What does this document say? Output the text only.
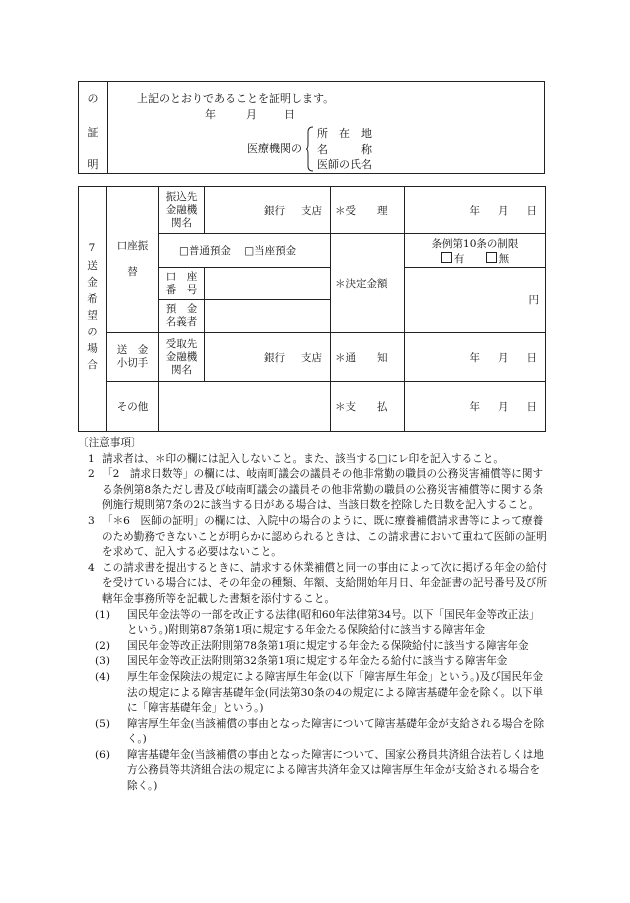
の
証
明
上記のとおりであることを証明します。
年	月 日
医療機関の
所　在　地
名　　　称
医師の氏名
7送金希望の場合	口座振替	振込先金融機関名	銀行 支店	＊受　　理	年 月 日

		□普通預金 □当座預金		＊決定金額	条例第10条の制限
有 無

		口　座番　号			円
		預　金名義者			
	送　金小切手	受取先金融機関名	銀行 支店	＊通　　知	年 月 日

	その他			＊支　　払	年 月 日
〔注意事項〕
1 請求者は、＊印の欄には記入しないこと。また、該当する□にレ印を記入すること。
2 「2　請求日数等」の欄には、岐南町議会の議員その他非常勤の職員の公務災害補償等に関する条例第8条ただし書及び岐南町議会の議員その他非常勤の職員の公務災害補償等に関する条例施行規則第7条の2に該当する日がある場合は、当該日数を控除した日数を記入すること。
3 「＊6　医師の証明」の欄には、入院中の場合のように、既に療養補償請求書等によって療養のため勤務できないことが明らかに認められるときは、この請求書において重ねて医師の証明を求めて、記入する必要はないこと。
4 この請求書を提出するときに、請求する休業補償と同一の事由によって次に掲げる年金の給付を受けている場合には、その年金の種類、年額、支給開始年月日、年金証書の記号番号及び所轄年金事務所等を記載した書類を添付すること。
(1) 国民年金法等の一部を改正する法律(昭和60年法律第34号。以下「国民年金等改正法」という。)附則第87条第1項に規定する年金たる保険給付に該当する障害年金
(2) 国民年金等改正法附則第78条第1項に規定する年金たる保険給付に該当する障害年金
(3) 国民年金等改正法附則第32条第1項に規定する年金たる給付に該当する障害年金
(4) 厚生年金保険法の規定による障害厚生年金(以下「障害厚生年金」という。)及び国民年金法の規定による障害基礎年金(同法第30条の4の規定による障害基礎年金を除く。以下単に「障害基礎年金」という。)
(5) 障害厚生年金(当該補償の事由となった障害について障害基礎年金が支給される場合を除く。)
(6) 障害基礎年金(当該補償の事由となった障害について、国家公務員共済組合法若しくは地方公務員等共済組合法の規定による障害共済年金又は障害厚生年金が支給される場合を除く。)
